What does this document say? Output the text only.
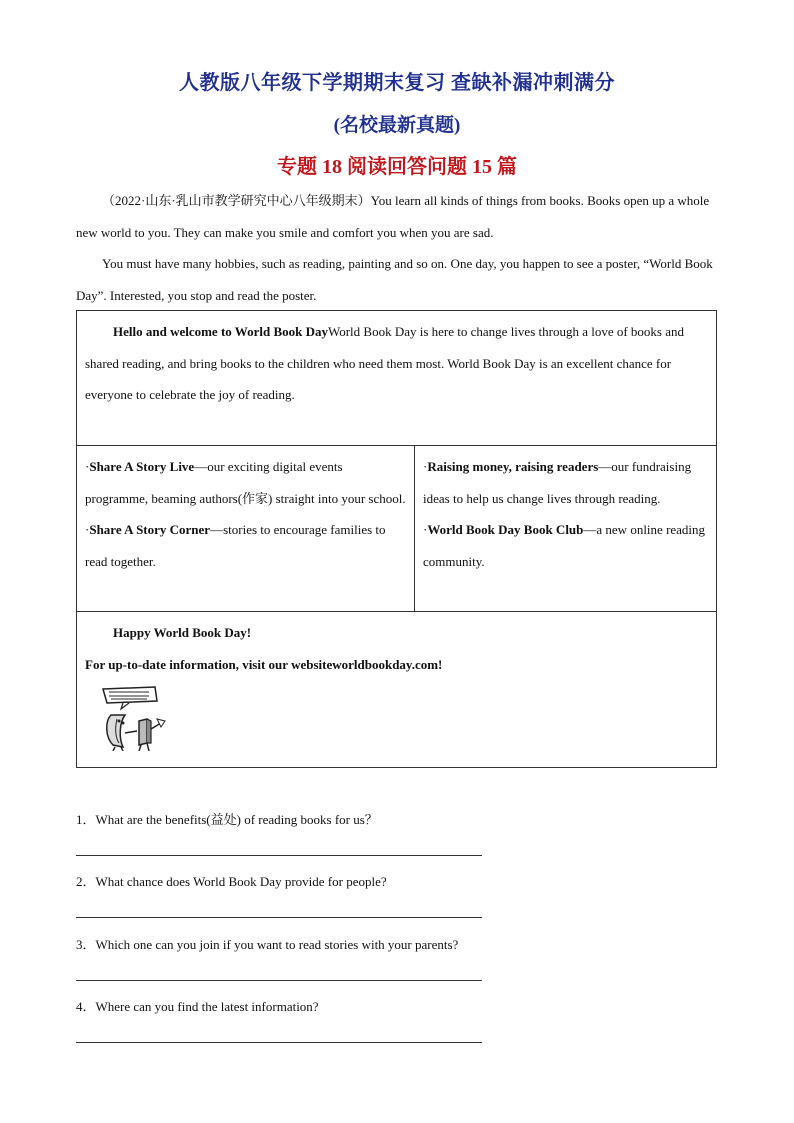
人教版八年级下学期期末复习 查缺补漏冲刺满分
(名校最新真题)
专题 18 阅读回答问题 15 篇
（2022·山东·乳山市教学研究中心八年级期末）You learn all kinds of things from books. Books open up a whole new world to you. They can make you smile and comfort you when you are sad.
You must have many hobbies, such as reading, painting and so on. One day, you happen to see a poster, “World Book Day”. Interested, you stop and read the poster.
Hello and welcome to World Book DayWorld Book Day is here to change lives through a love of books and shared reading, and bring books to the children who need them most. World Book Day is an excellent chance for everyone to celebrate the joy of reading.
·Share A Story Live—our exciting digital events programme, beaming authors(作家) straight into your school.
·Share A Story Corner—stories to encourage families to read together.
·Raising money, raising readers—our fundraising ideas to help us change lives through reading.
·World Book Day Book Club—a new online reading community.
Happy World Book Day!
For up-to-date information, visit our websiteworldbookday.com!
1．What are the benefits(益处) of reading books for us？
2．What chance does World Book Day provide for people?
3．Which one can you join if you want to read stories with your parents?
4．Where can you find the latest information?
